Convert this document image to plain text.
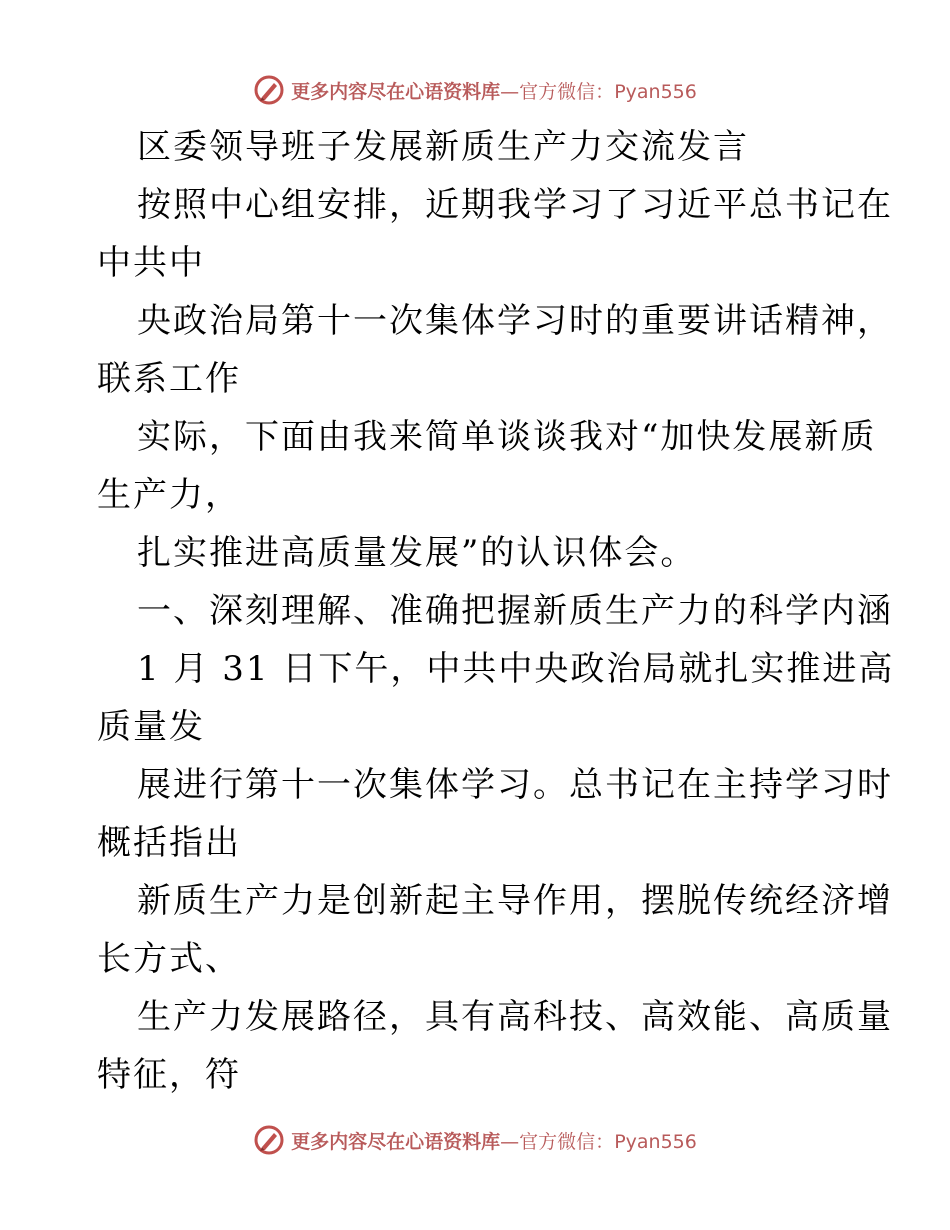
更多内容尽在心语资料库—官方微信：Pyan556
区委领导班子发展新质生产力交流发言
按照中心组安排，近期我学习了习近平总书记在
中共中
央政治局第十一次集体学习时的重要讲话精神，
联系工作
实际，下面由我来简单谈谈我对“加快发展新质
生产力，
扎实推进高质量发展”的认识体会。
一、深刻理解、准确把握新质生产力的科学内涵
1 月 31 日下午，中共中央政治局就扎实推进高
质量发
展进行第十一次集体学习。总书记在主持学习时
概括指出
新质生产力是创新起主导作用，摆脱传统经济增
长方式、
生产力发展路径，具有高科技、高效能、高质量
特征，符
更多内容尽在心语资料库—官方微信：Pyan556
